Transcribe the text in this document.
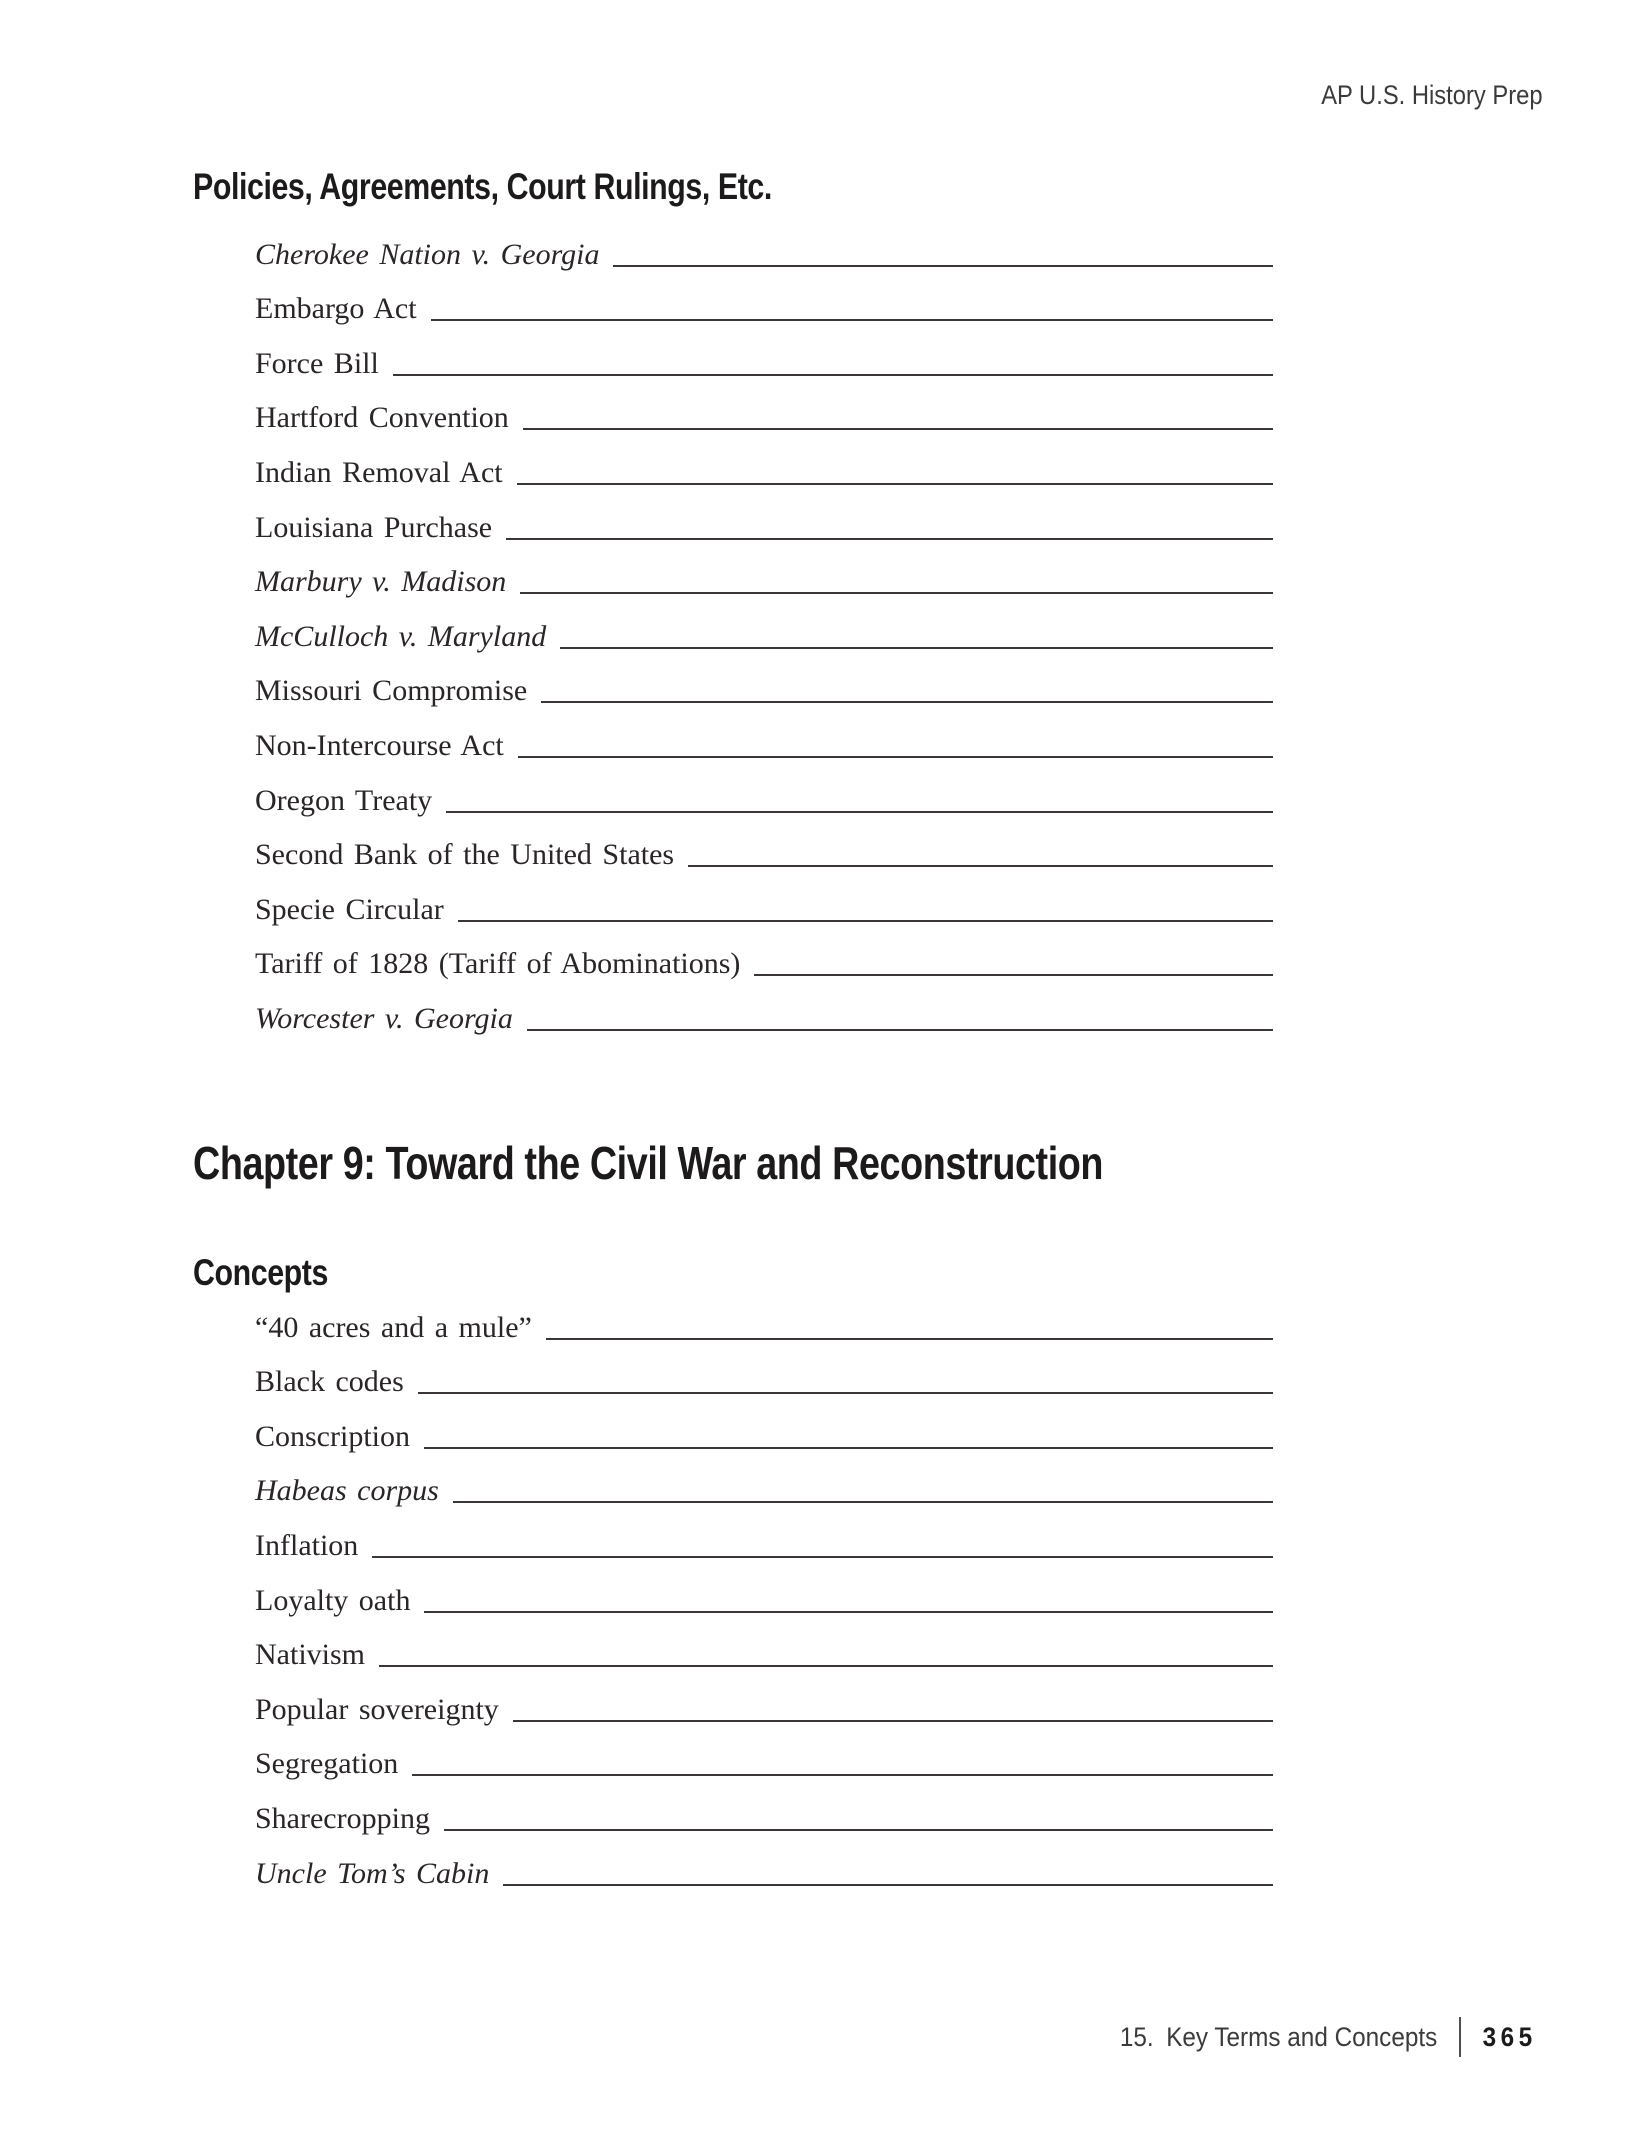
AP U.S. History Prep
Policies, Agreements, Court Rulings, Etc.
Cherokee Nation v. Georgia
Embargo Act
Force Bill
Hartford Convention
Indian Removal Act
Louisiana Purchase
Marbury v. Madison
McCulloch v. Maryland
Missouri Compromise
Non-Intercourse Act
Oregon Treaty
Second Bank of the United States
Specie Circular
Tariff of 1828 (Tariff of Abominations)
Worcester v. Georgia
Chapter 9: Toward the Civil War and Reconstruction
Concepts
“40 acres and a mule”
Black codes
Conscription
Habeas corpus
Inflation
Loyalty oath
Nativism
Popular sovereignty
Segregation
Sharecropping
Uncle Tom’s Cabin
15. Key Terms and Concepts 365
